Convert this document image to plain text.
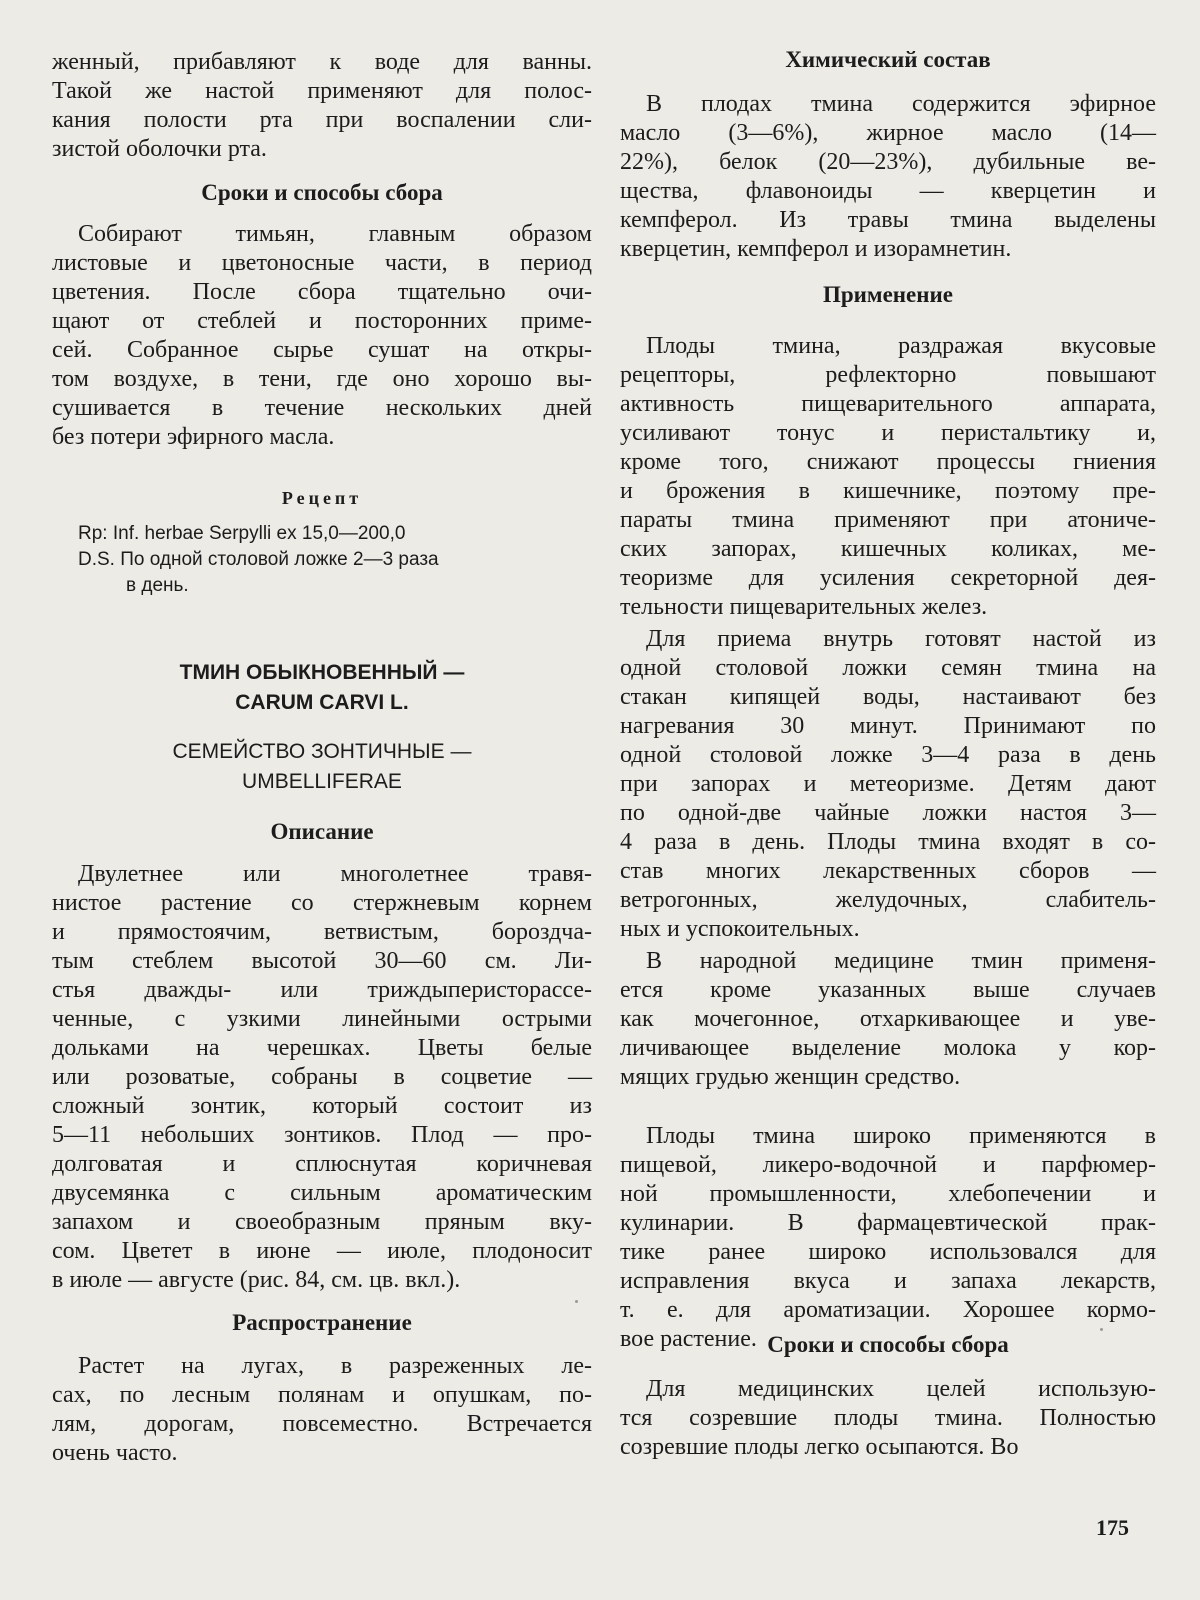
женный, прибавляют к воде для ванны.
Такой же настой применяют для полос-
кания полости рта при воспалении сли-
зистой оболочки рта.
Сроки и способы сбора
Собирают тимьян, главным образом
листовые и цветоносные части, в период
цветения. После сбора тщательно очи-
щают от стеблей и посторонних приме-
сей. Собранное сырье сушат на откры-
том воздухе, в тени, где оно хорошо вы-
сушивается в течение нескольких дней
без потери эфирного масла.
Рецепт
Rp: Inf. herbae Serpylli ex 15,0—200,0
D.S. По одной столовой ложке 2—3 раза
в день.
ТМИН ОБЫКНОВЕННЫЙ —
CARUM CARVI L.
СЕМЕЙСТВО ЗОНТИЧНЫЕ —
UMBELLIFERAE
Описание
Двулетнее или многолетнее травя-
нистое растение со стержневым корнем
и прямостоячим, ветвистым, бороздча-
тым стеблем высотой 30—60 см. Ли-
стья дважды- или триждыперисторассе-
ченные, с узкими линейными острыми
дольками на черешках. Цветы белые
или розоватые, собраны в соцветие —
сложный зонтик, который состоит из
5—11 небольших зонтиков. Плод — про-
долговатая и сплюснутая коричневая
двусемянка с сильным ароматическим
запахом и своеобразным пряным вку-
сом. Цветет в июне — июле, плодоносит
в июле — августе (рис. 84, см. цв. вкл.).
Распространение
Растет на лугах, в разреженных ле-
сах, по лесным полянам и опушкам, по-
лям, дорогам, повсеместно. Встречается
очень часто.
Химический состав
В плодах тмина содержится эфирное
масло (3—6%), жирное масло (14—
22%), белок (20—23%), дубильные ве-
щества, флавоноиды — кверцетин и
кемпферол. Из травы тмина выделены
кверцетин, кемпферол и изорамнетин.
Применение
Плоды тмина, раздражая вкусовые
рецепторы, рефлекторно повышают
активность пищеварительного аппарата,
усиливают тонус и перистальтику и,
кроме того, снижают процессы гниения
и брожения в кишечнике, поэтому пре-
параты тмина применяют при атониче-
ских запорах, кишечных коликах, ме-
теоризме для усиления секреторной дея-
тельности пищеварительных желез.
Для приема внутрь готовят настой из
одной столовой ложки семян тмина на
стакан кипящей воды, настаивают без
нагревания 30 минут. Принимают по
одной столовой ложке 3—4 раза в день
при запорах и метеоризме. Детям дают
по одной-две чайные ложки настоя 3—
4 раза в день. Плоды тмина входят в со-
став многих лекарственных сборов —
ветрогонных, желудочных, слабитель-
ных и успокоительных.
В народной медицине тмин применя-
ется кроме указанных выше случаев
как мочегонное, отхаркивающее и уве-
личивающее выделение молока у кор-
мящих грудью женщин средство.
Плоды тмина широко применяются в
пищевой, ликеро-водочной и парфюмер-
ной промышленности, хлебопечении и
кулинарии. В фармацевтической прак-
тике ранее широко использовался для
исправления вкуса и запаха лекарств,
т. е. для ароматизации. Хорошее кормо-
вое растение. Сроки и способы сбора
Для медицинских целей использую-
тся созревшие плоды тмина. Полностью
созревшие плоды легко осыпаются. Во
175
